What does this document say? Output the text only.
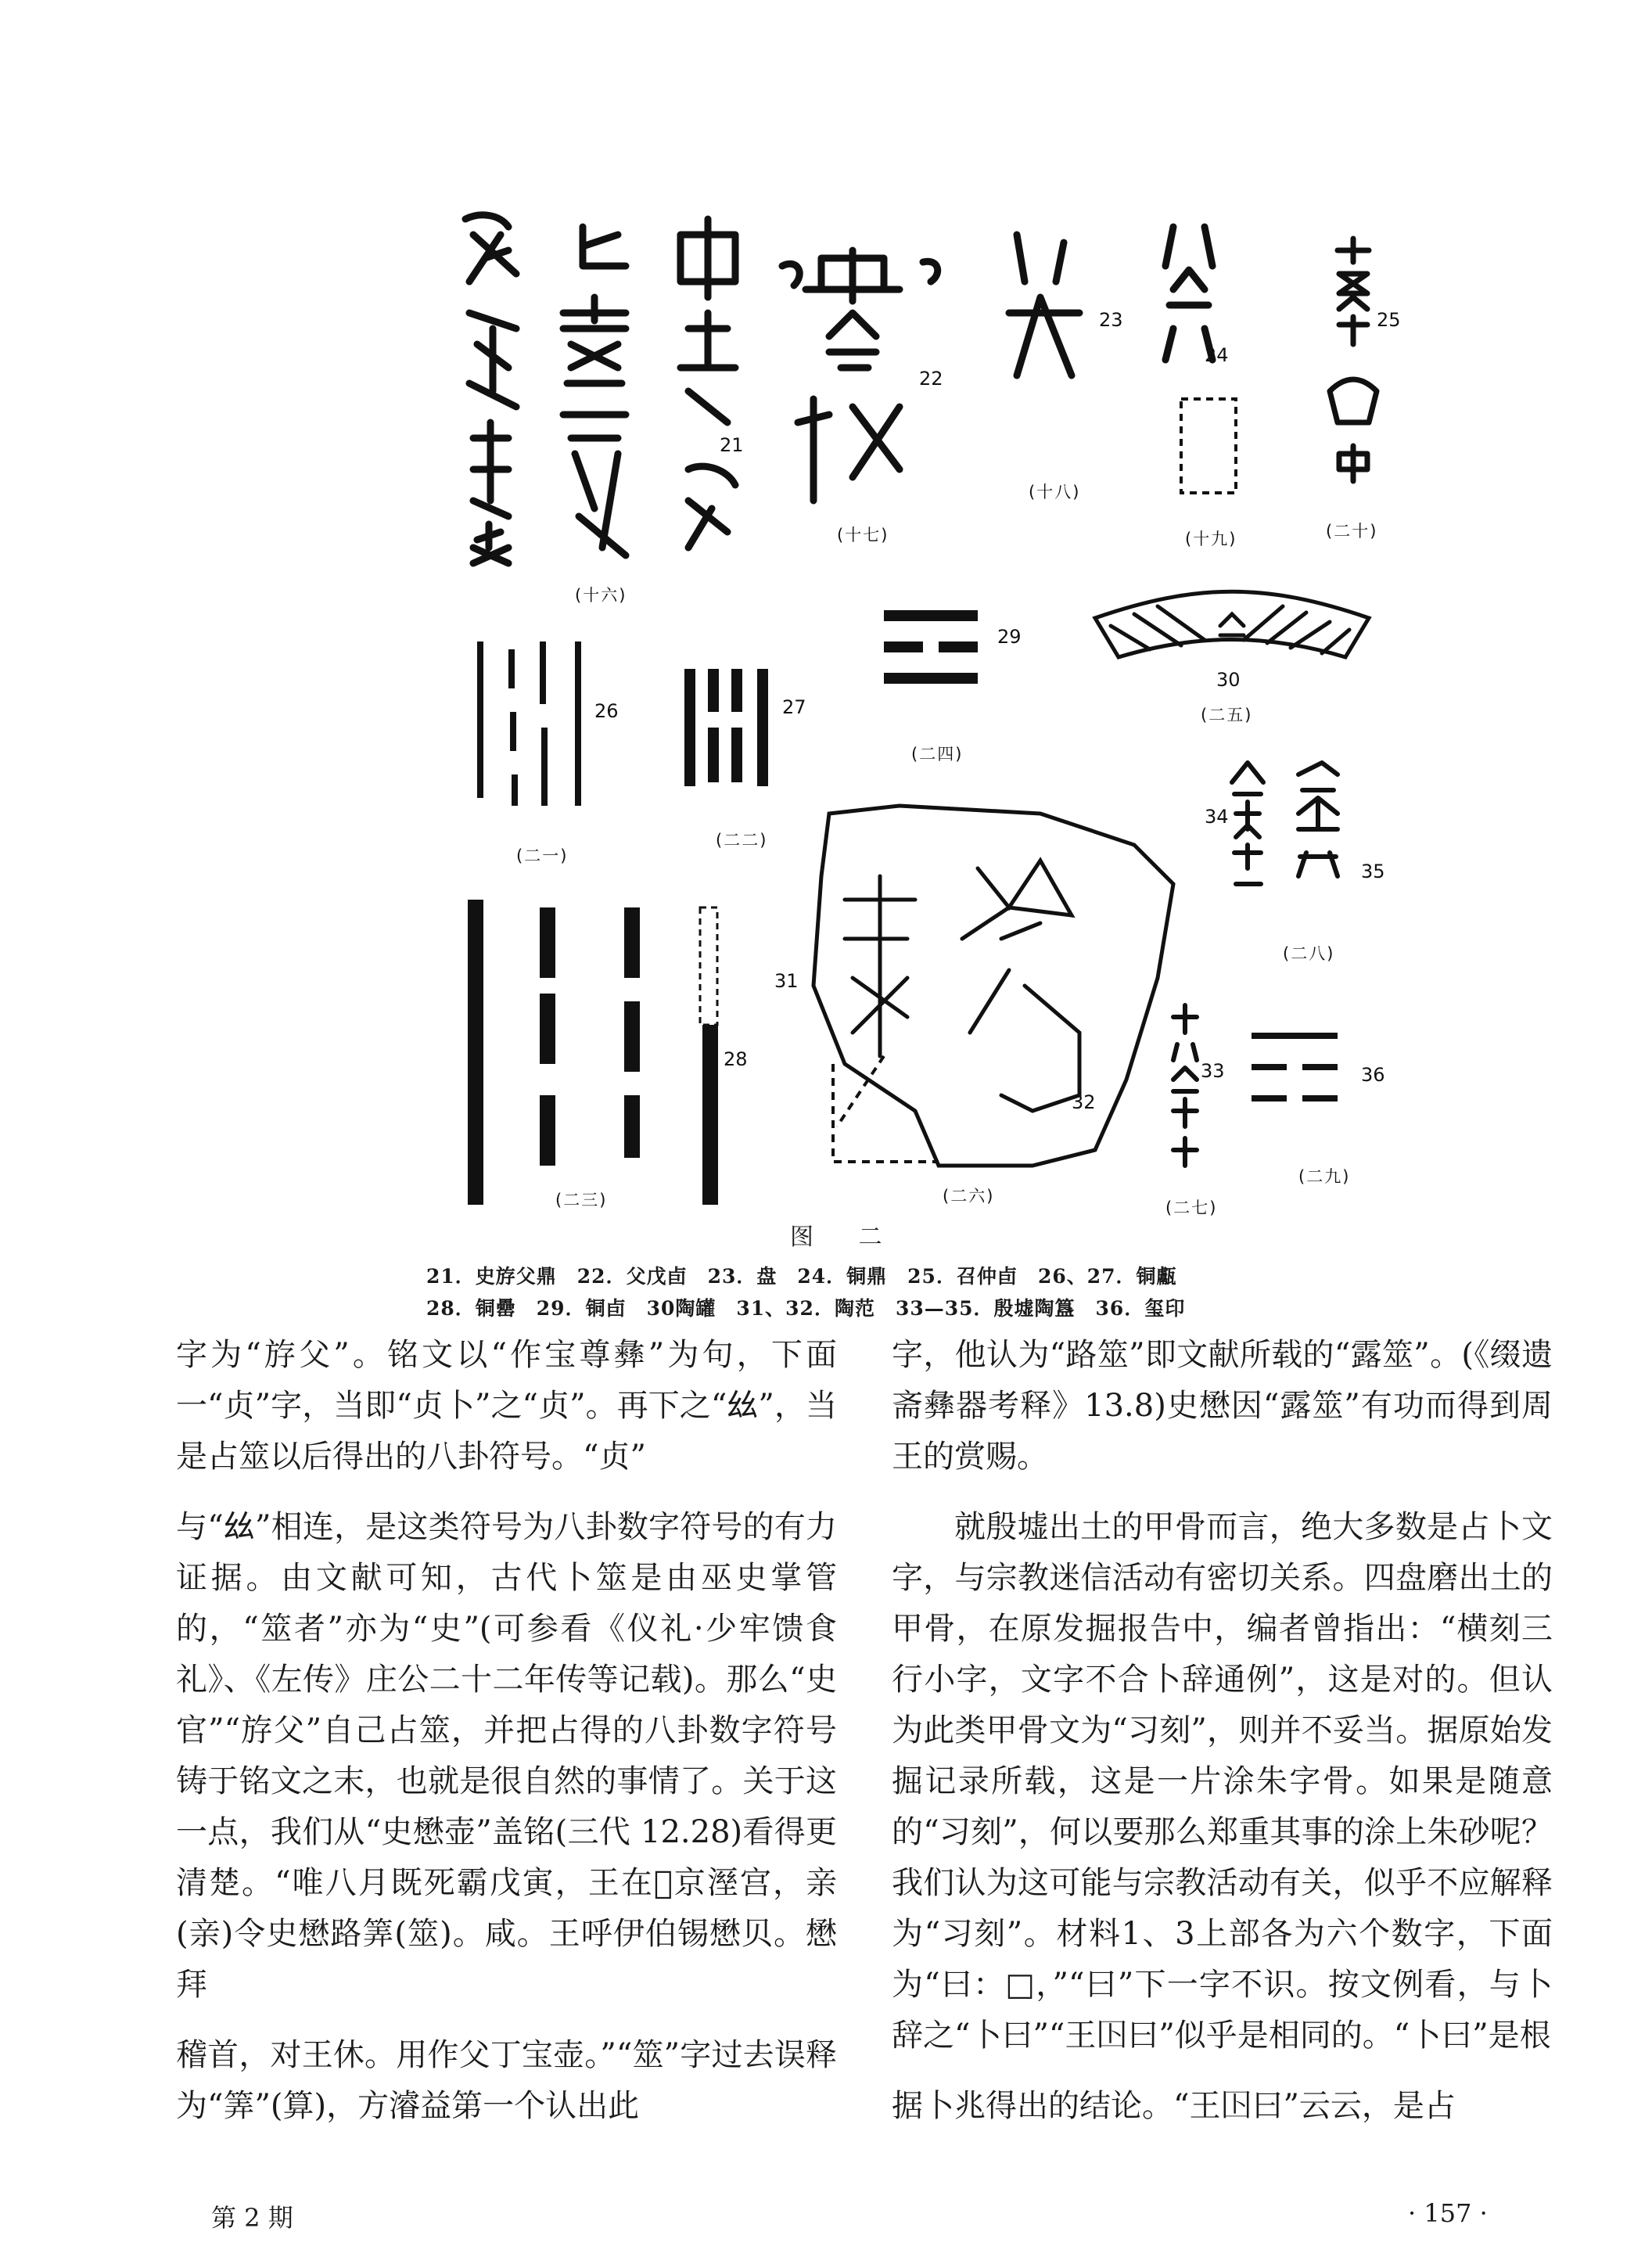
21
22
23
24
25
26	27
28
29
30
31
32
33
34
35
36
(十六)
(十七)
(十八)
(十九)	(二十)
(二一)
(二二)
(二三)
(二四)
(二五)
(二六)
(二七)
(二八)
(二九)
图 二
21．史斿父鼎　22．父戊卣　23．盘　24．铜鼎　25．召仲卣　26、27．铜甗
28．铜罍　29．铜卣　30陶罐　31、32．陶范　33—35．殷墟陶簋　36．玺印

字为“斿父”。铭文以“作宝尊彝”为句，下面一“贞”字，当即“贞卜”之“贞”。再下之“𢆶”，当是占筮以后得出的八卦符号。“贞”

与“𢆶”相连，是这类符号为八卦数字符号的有力证据。由文献可知，古代卜筮是由巫史掌管的，“筮者”亦为“史”(可参看《仪礼·少牢馈食礼》、《左传》庄公二十二年传等记载)。那么“史官”“斿父”自己占筮，并把占得的八卦数字符号铸于铭文之末，也就是很自然的事情了。关于这一点，我们从“史懋壶”盖铭(三代 12.28)看得更清楚。“唯八月既死霸戊寅，王在𦎫京溼宫，亲(亲)令史懋路筭(筮)。咸。王呼伊伯锡懋贝。懋拜

稽首，对王休。用作父丁宝壶。”“筮”字过去误释为“筭”(算)，方濬益第一个认出此

字，他认为“路筮”即文献所载的“露筮”。(《缀遗斋彝器考释》13.8)史懋因“露筮”有功而得到周王的赏赐。

就殷墟出土的甲骨而言，绝大多数是占卜文字，与宗教迷信活动有密切关系。四盘磨出土的甲骨，在原发掘报告中，编者曾指出：“横刻三行小字，文字不合卜辞通例”，这是对的。但认为此类甲骨文为“习刻”，则并不妥当。据原始发掘记录所载，这是一片涂朱字骨。如果是随意的“习刻”，何以要那么郑重其事的涂上朱砂呢？我们认为这可能与宗教活动有关，似乎不应解释为“习刻”。材料1、3上部各为六个数字，下面为“曰：□，”“曰”下一字不识。按文例看，与卜辞之“卜曰”“王𡆥曰”似乎是相同的。“卜曰”是根

据卜兆得出的结论。“王𡆥曰”云云，是占

第 2 期	· 157 ·
